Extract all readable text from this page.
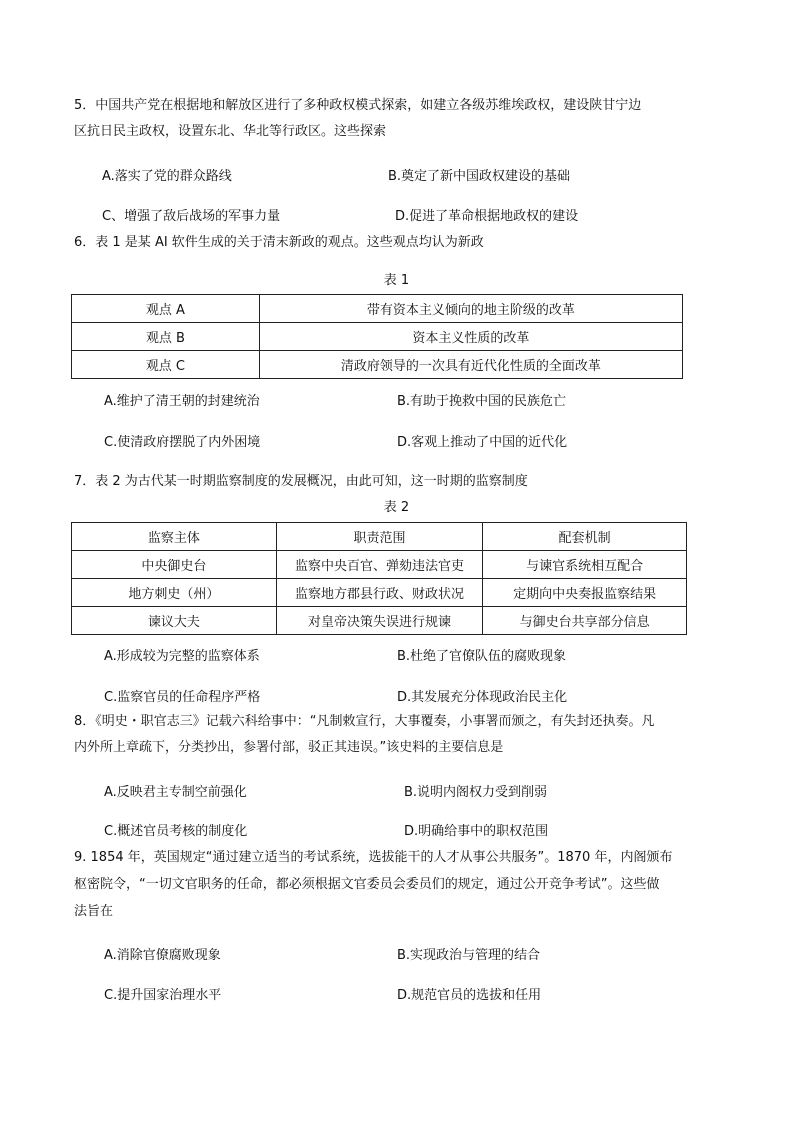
5．中国共产党在根据地和解放区进行了多种政权模式探索，如建立各级苏维埃政权，建设陕甘宁边
区抗日民主政权，设置东北、华北等行政区。这些探索
A.落实了党的群众路线	B.奠定了新中国政权建设的基础
C、增强了敌后战场的军事力量	D.促进了革命根据地政权的建设
6．表 1 是某 AI 软件生成的关于清末新政的观点。这些观点均认为新政
表 1
观点 A	带有资本主义倾向的地主阶级的改革
观点 B	资本主义性质的改革
观点 C	清政府领导的一次具有近代化性质的全面改革
A.维护了清王朝的封建统治	B.有助于挽救中国的民族危亡
C.使清政府摆脱了内外困境	D.客观上推动了中国的近代化
7．表 2 为古代某一时期监察制度的发展概况，由此可知，这一时期的监察制度
表 2
监察主体	职责范围	配套机制
中央御史台	监察中央百官、弹劾违法官吏	与谏官系统相互配合
地方刺史（州）	监察地方郡县行政、财政状况	定期向中央奏报监察结果
谏议大夫	对皇帝决策失误进行规谏	与御史台共享部分信息
A.形成较为完整的监察体系	B.杜绝了官僚队伍的腐败现象
C.监察官员的任命程序严格	D.其发展充分体现政治民主化
8．《明史・职官志三》记载六科给事中：“凡制敕宣行，大事覆奏，小事署而颁之，有失封还执奏。凡
内外所上章疏下，分类抄出，参署付部，驳正其违误。”该史料的主要信息是
A.反映君主专制空前强化	B.说明内阁权力受到削弱
C.概述官员考核的制度化	D.明确给事中的职权范围
9. 1854 年，英国规定“通过建立适当的考试系统，选拔能干的人才从事公共服务”。1870 年，内阁颁布
枢密院令，“一切文官职务的任命，都必须根据文官委员会委员们的规定，通过公开竞争考试”。这些做
法旨在
A.消除官僚腐败现象	B.实现政治与管理的结合
C.提升国家治理水平	D.规范官员的选拔和任用
